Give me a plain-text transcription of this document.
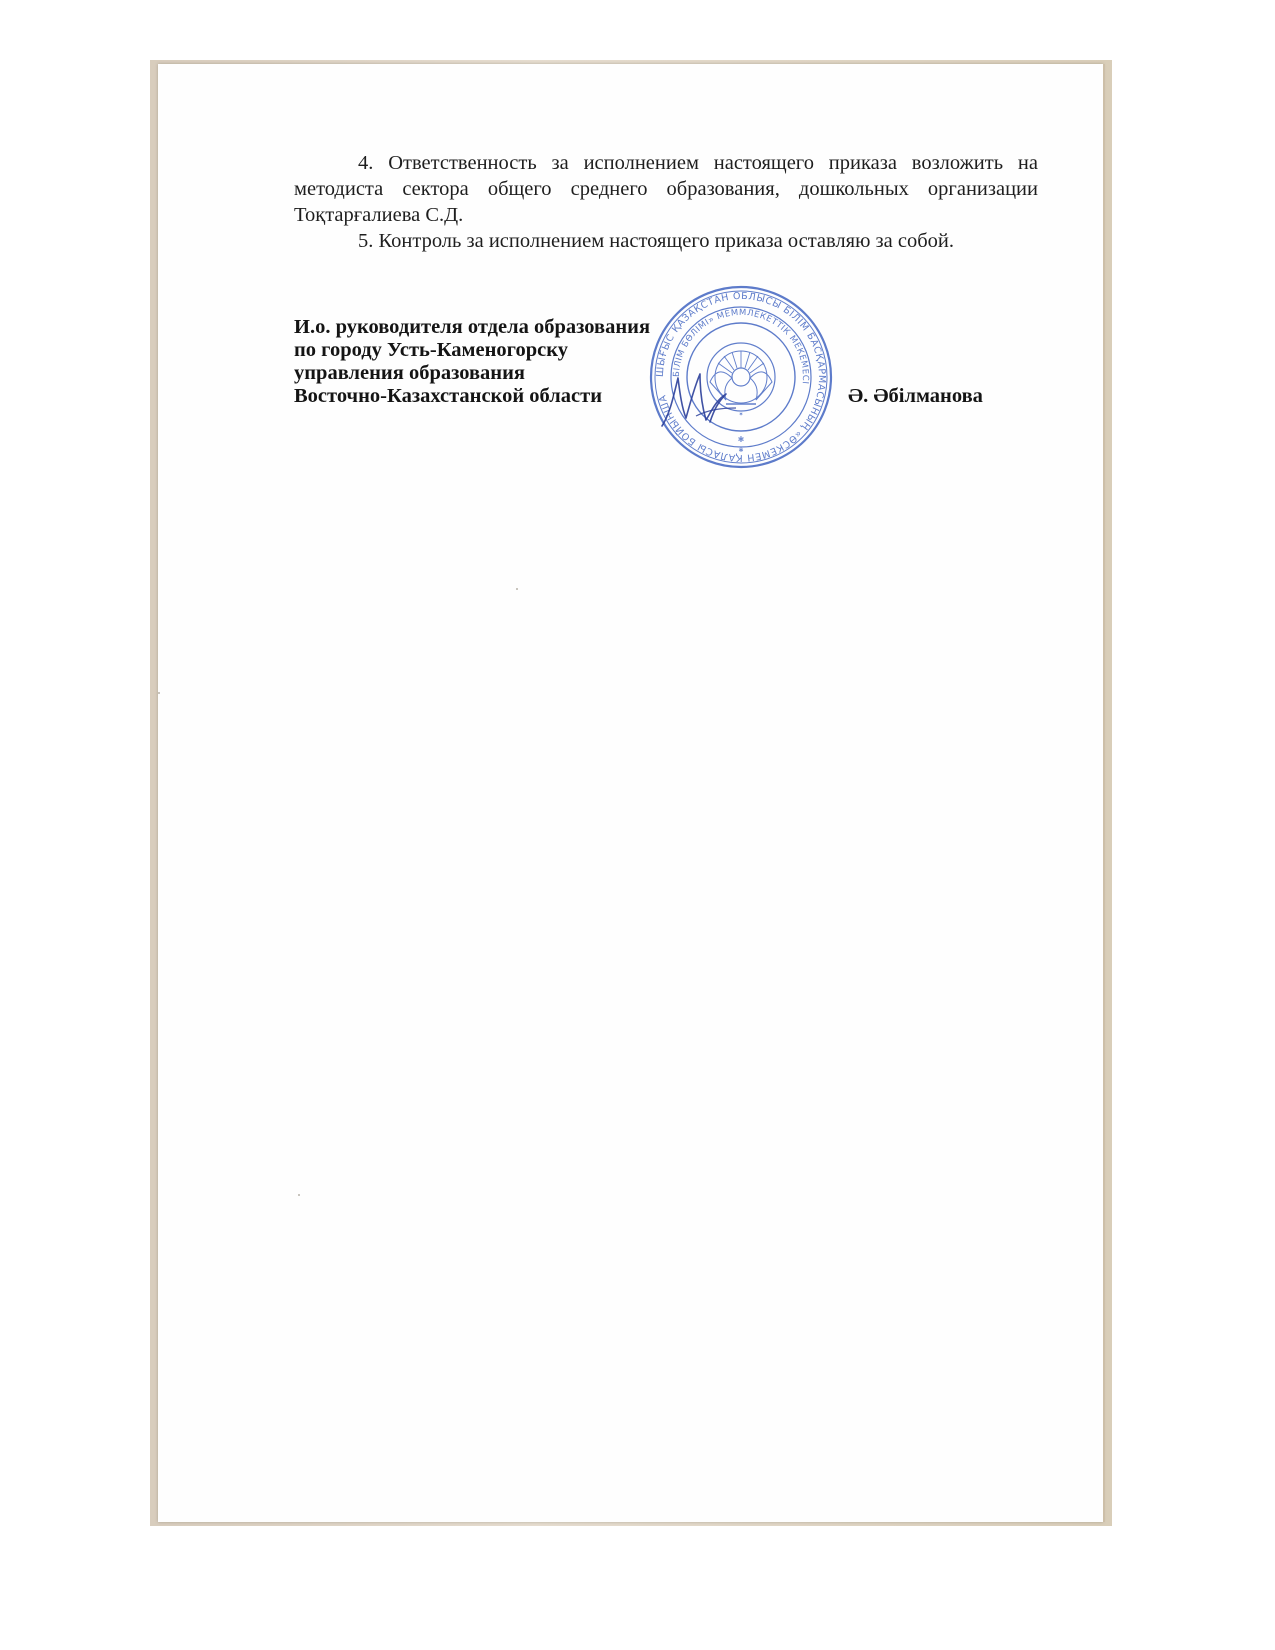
4. Ответственность за исполнением настоящего приказа возложить на методиста сектора общего среднего образования, дошкольных организации Тоқтарғалиева С.Д.

5. Контроль за исполнением настоящего приказа оставляю за собой.

И.о. руководителя отдела образования
по городу Усть-Каменогорску
управления образования
Восточно-Казахстанской области
ШЫҒЫС ҚАЗАҚСТАН ОБЛЫСЫ БІЛІМ БАСҚАРМАСЫНЫҢ «ӨСКЕМЕН ҚАЛАСЫ БОЙЫНША
БІЛІМ БӨЛІМІ» МЕММЛЕКЕТТІК МЕКЕМЕСІ
✶
✱
✱
Ә. Әбілманова
